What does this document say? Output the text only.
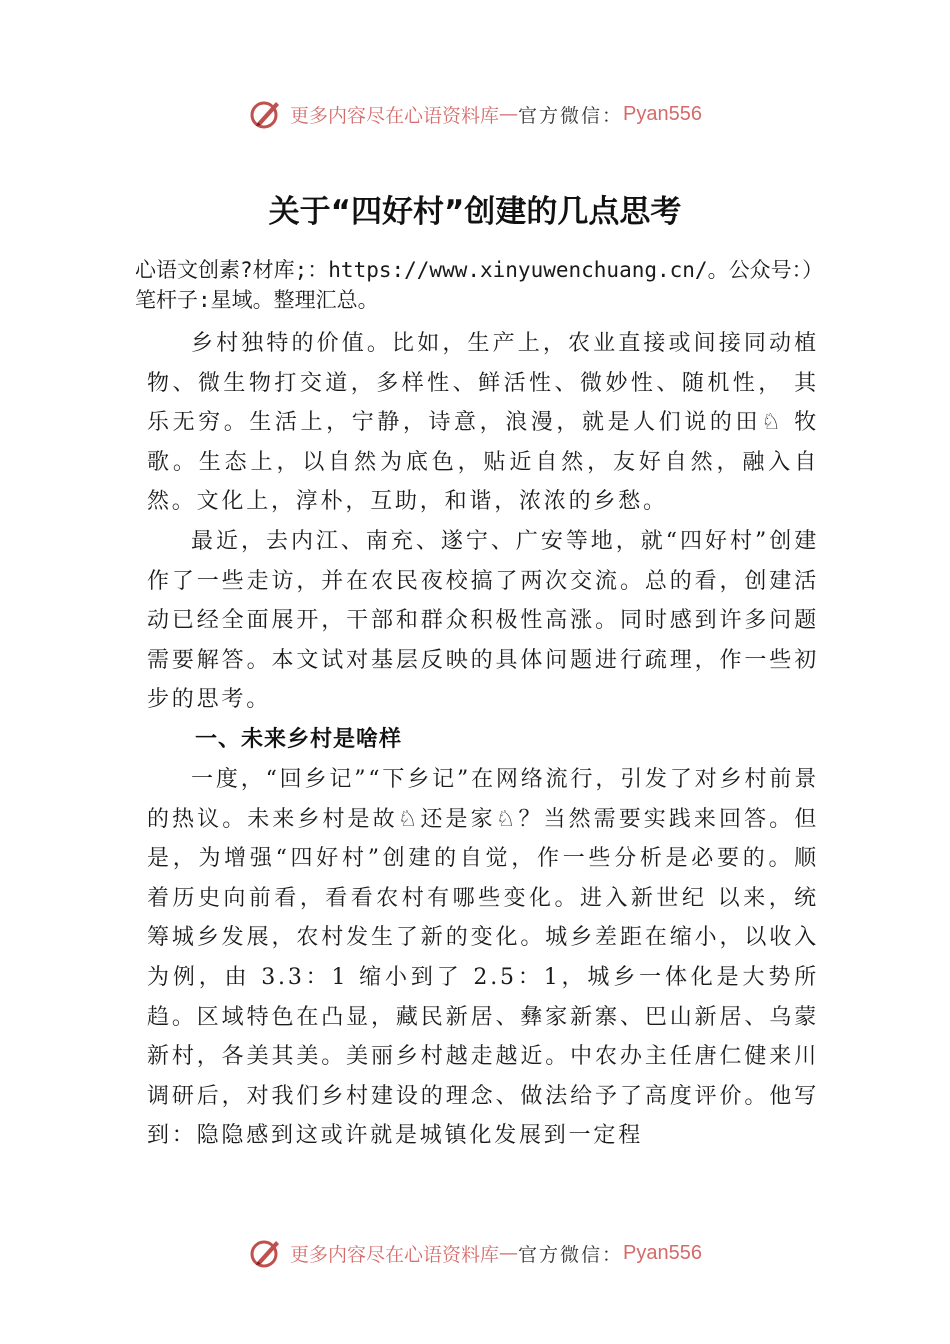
更多内容尽在心语资料库 — 官方微信： Pyan556
关于“四好村”创建的几点思考
心语文创素?材库;：https://www.xinyuwenchuang.cn/。公众号：）笔杆子:星域。整理汇总。

乡村独特的价值。比如，生产上，农业直接或间接同动植物、微生物打交道，多样性、鲜活性、微妙性、随机性， 其乐无穷。生活上，宁静，诗意，浪漫，就是人们说的田♘ 牧歌。生态上，以自然为底色，贴近自然，友好自然，融入自然。文化上，淳朴，互助，和谐，浓浓的乡愁。

最近，去内江、南充、遂宁、广安等地，就“四好村”创建作了一些走访，并在农民夜校搞了两次交流。总的看，创建活动已经全面展开，干部和群众积极性高涨。同时感到许多问题需要解答。本文试对基层反映的具体问题进行疏理，作一些初步的思考。

一、未来乡村是啥样

一度，“回乡记”“下乡记”在网络流行，引发了对乡村前景的热议。未来乡村是故♘还是家♘？当然需要实践来回答。但是，为增强“四好村”创建的自觉，作一些分析是必要的。顺着历史向前看，看看农村有哪些变化。进入新世纪 以来，统筹城乡发展，农村发生了新的变化。城乡差距在缩小，以收入为例，由 3.3：1 缩小到了 2.5：1，城乡一体化是大势所趋。区域特色在凸显，藏民新居、彝家新寨、巴山新居、乌蒙新村，各美其美。美丽乡村越走越近。中农办主任唐仁健来川调研后，对我们乡村建设的理念、做法给予了高度评价。他写到：隐隐感到这或许就是城镇化发展到一定程

更多内容尽在心语资料库 — 官方微信： Pyan556
